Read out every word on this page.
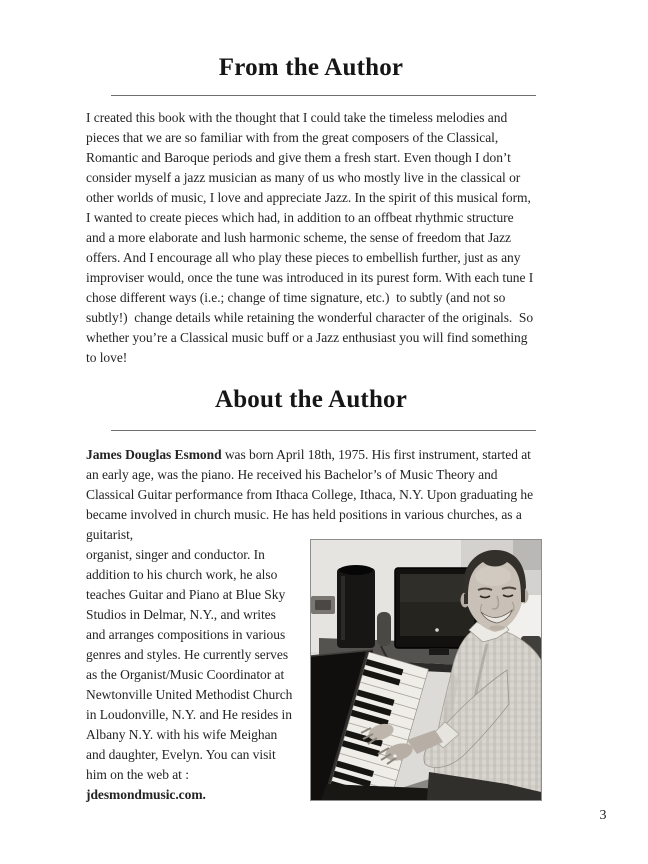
From the Author

I created this book with the thought that I could take the timeless melodies and pieces that we are so familiar with from the great composers of the Classical, Romantic and Baroque periods and give them a fresh start. Even though I don’t consider myself a jazz musician as many of us who mostly live in the classical or other worlds of music, I love and appreciate Jazz. In the spirit of this musical form, I wanted to create pieces which had, in addition to an offbeat rhythmic structure and a more elaborate and lush harmonic scheme, the sense of freedom that Jazz offers. And I encourage all who play these pieces to embellish further, just as any improviser would, once the tune was introduced in its purest form. With each tune I chose different ways (i.e.; change of time signature, etc.)  to subtly (and not so subtly!)  change details while retaining the wonderful character of the originals.  So whether you’re a Classical music buff or a Jazz enthusiast you will find something to love!

About the Author

James Douglas Esmond was born April 18th, 1975. His first instrument, started at an early age, was the piano. He received his Bachelor’s of Music Theory and Classical Guitar performance from Ithaca College, Ithaca, N.Y. Upon graduating he became involved in church music. He has held positions in various churches, as a guitarist,

organist, singer and conductor. In addition to his church work, he also teaches Guitar and Piano at Blue Sky Studios in Delmar, N.Y., and writes and arranges compositions in various genres and styles. He currently serves as the Organist/Music Coordinator at Newtonville United Methodist Church in Loudonville, N.Y. and He resides in Albany N.Y. with his wife Meighan and daughter, Evelyn. You can visit him on the web at :

jdesmondmusic.com.

3
